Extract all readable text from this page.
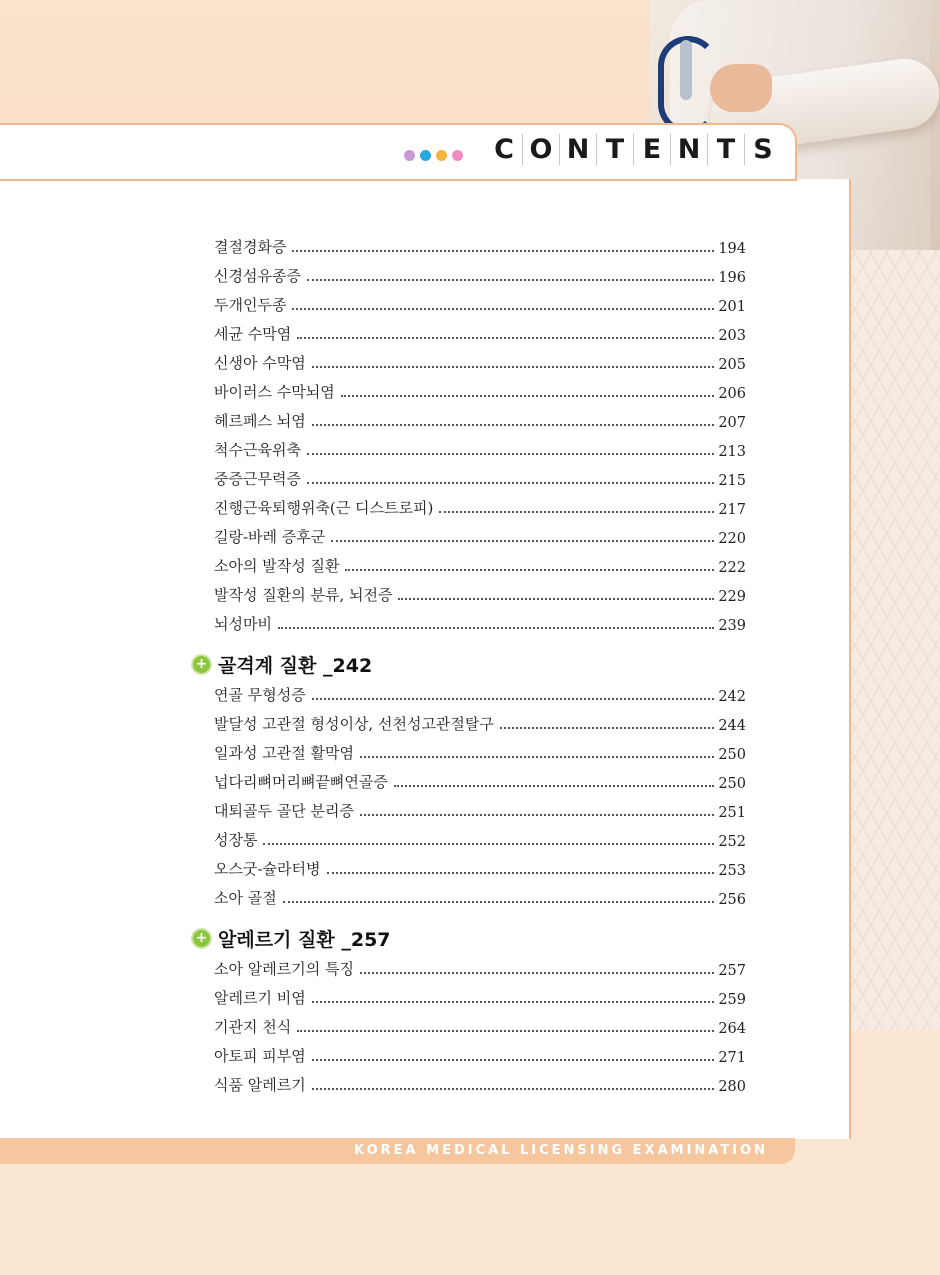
결절경화증	194
신경섬유종증	196
두개인두종	201
세균 수막염	203
신생아 수막염	205
바이러스 수막뇌염	206
헤르페스 뇌염	207
척수근육위축	213
중증근무력증	215
진행근육퇴행위축(근 디스트로피)	217
길랑-바레 증후군	220
소아의 발작성 질환	222
발작성 질환의 분류, 뇌전증	229
뇌성마비	239
연골 무형성증	242
발달성 고관절 형성이상, 선천성고관절탈구	244
일과성 고관절 활막염	250
넙다리뼈머리뼈끝뼈연골증	250
대퇴골두 골단 분리증	251
성장통	252
오스굿-슐라터병	253
소아 골절	256
소아 알레르기의 특징	257
알레르기 비염	259
기관지 천식	264
아토피 피부염	271
식품 알레르기	280
+ 골격계 질환 _242
+ 알레르기 질환 _257
C O N T E N T S
KOREA MEDICAL LICENSING EXAMINATION
